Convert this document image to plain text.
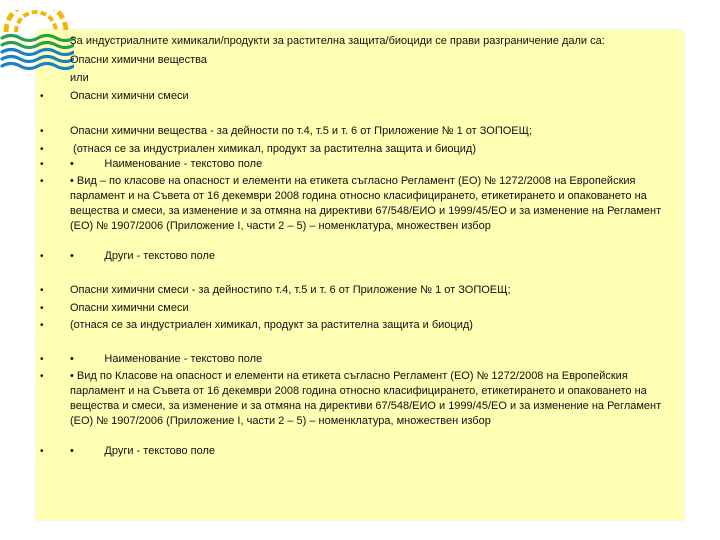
За индустриалните химикали/продукти за растителна защита/биоциди се прави разграничение дали са:
Опасни химични вещества
или
• Опасни химични смеси
• Опасни химични вещества - за дейности по т.4, т.5 и т. 6 от Приложение № 1 от ЗОПОЕЩ;
• (отнася се за индустриален химикал, продукт за растителна защита и биоцид)
• •          Наименование - текстово поле
• • Вид – по класове на опасност и елементи на етикета съгласно Регламент (ЕО) № 1272/2008 на Европейския парламент и на Съвета от 16 декември 2008 година относно класифицирането, етикетирането и опаковането на вещества и смеси, за изменение и за отмяна на директиви 67/548/ЕИО и 1999/45/ЕО и за изменение на Регламент (ЕО) № 1907/2006 (Приложение I, части 2 – 5) – номенклатура, множествен избор
• •          Други - текстово поле
• Опасни химични смеси - за дейностипо т.4, т.5 и т. 6 от Приложение № 1 от ЗОПОЕЩ;
• Опасни химични смеси
• (отнася се за индустриален химикал, продукт за растителна защита и биоцид)
• •          Наименование - текстово поле
• • Вид по Класове на опасност и елементи на етикета съгласно Регламент (ЕО) № 1272/2008 на Европейския парламент и на Съвета от 16 декември 2008 година относно класифицирането, етикетирането и опаковането на вещества и смеси, за изменение и за отмяна на директиви 67/548/ЕИО и 1999/45/ЕО и за изменение на Регламент (ЕО) № 1907/2006 (Приложение I, части 2 – 5) – номенклатура, множествен избор
• •          Други - текстово поле
